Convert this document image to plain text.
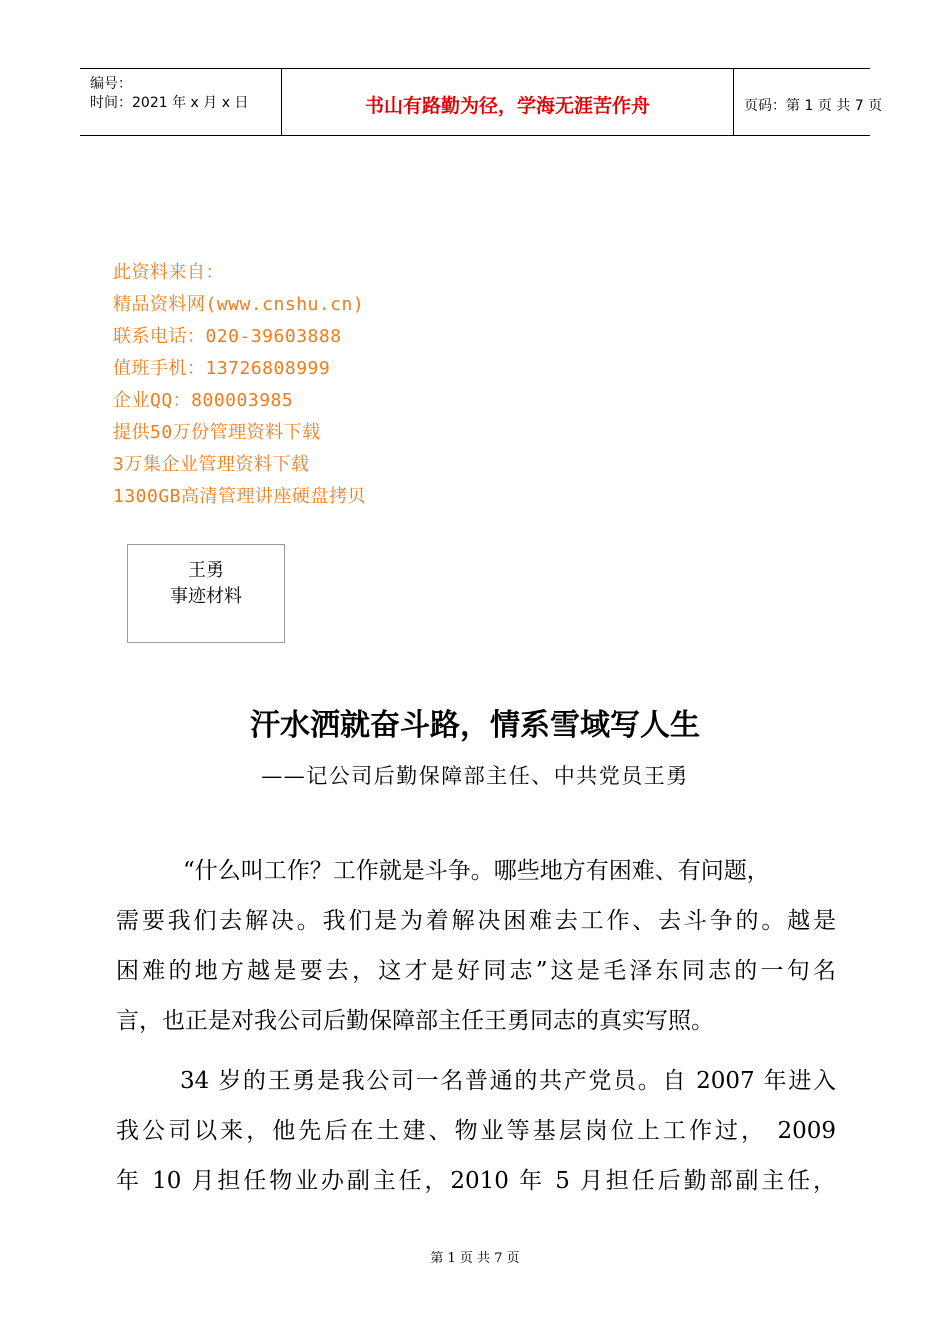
编号：
时间：2021 年 x 月 x 日	书山有路勤为径，学海无涯苦作舟	页码：第 1 页 共 7 页
此资料来自：
精品资料网(www.cnshu.cn)
联系电话：020-39603888
值班手机：13726808999
企业QQ：800003985
提供50万份管理资料下载
3万集企业管理资料下载
1300GB高清管理讲座硬盘拷贝
王勇
事迹材料
汗水洒就奋斗路，情系雪域写人生
——记公司后勤保障部主任、中共党员王勇
“什么叫工作？工作就是斗争。哪些地方有困难、有问题，
需要我们去解决。我们是为着解决困难去工作、去斗争的。越是
困难的地方越是要去，这才是好同志”这是毛泽东同志的一句名
言，也正是对我公司后勤保障部主任王勇同志的真实写照。
34 岁的王勇是我公司一名普通的共产党员。自 2007 年进入
我公司以来，他先后在土建、物业等基层岗位上工作过， 2009
年 10 月担任物业办副主任，2010 年 5 月担任后勤部副主任，
第 1 页 共 7 页
